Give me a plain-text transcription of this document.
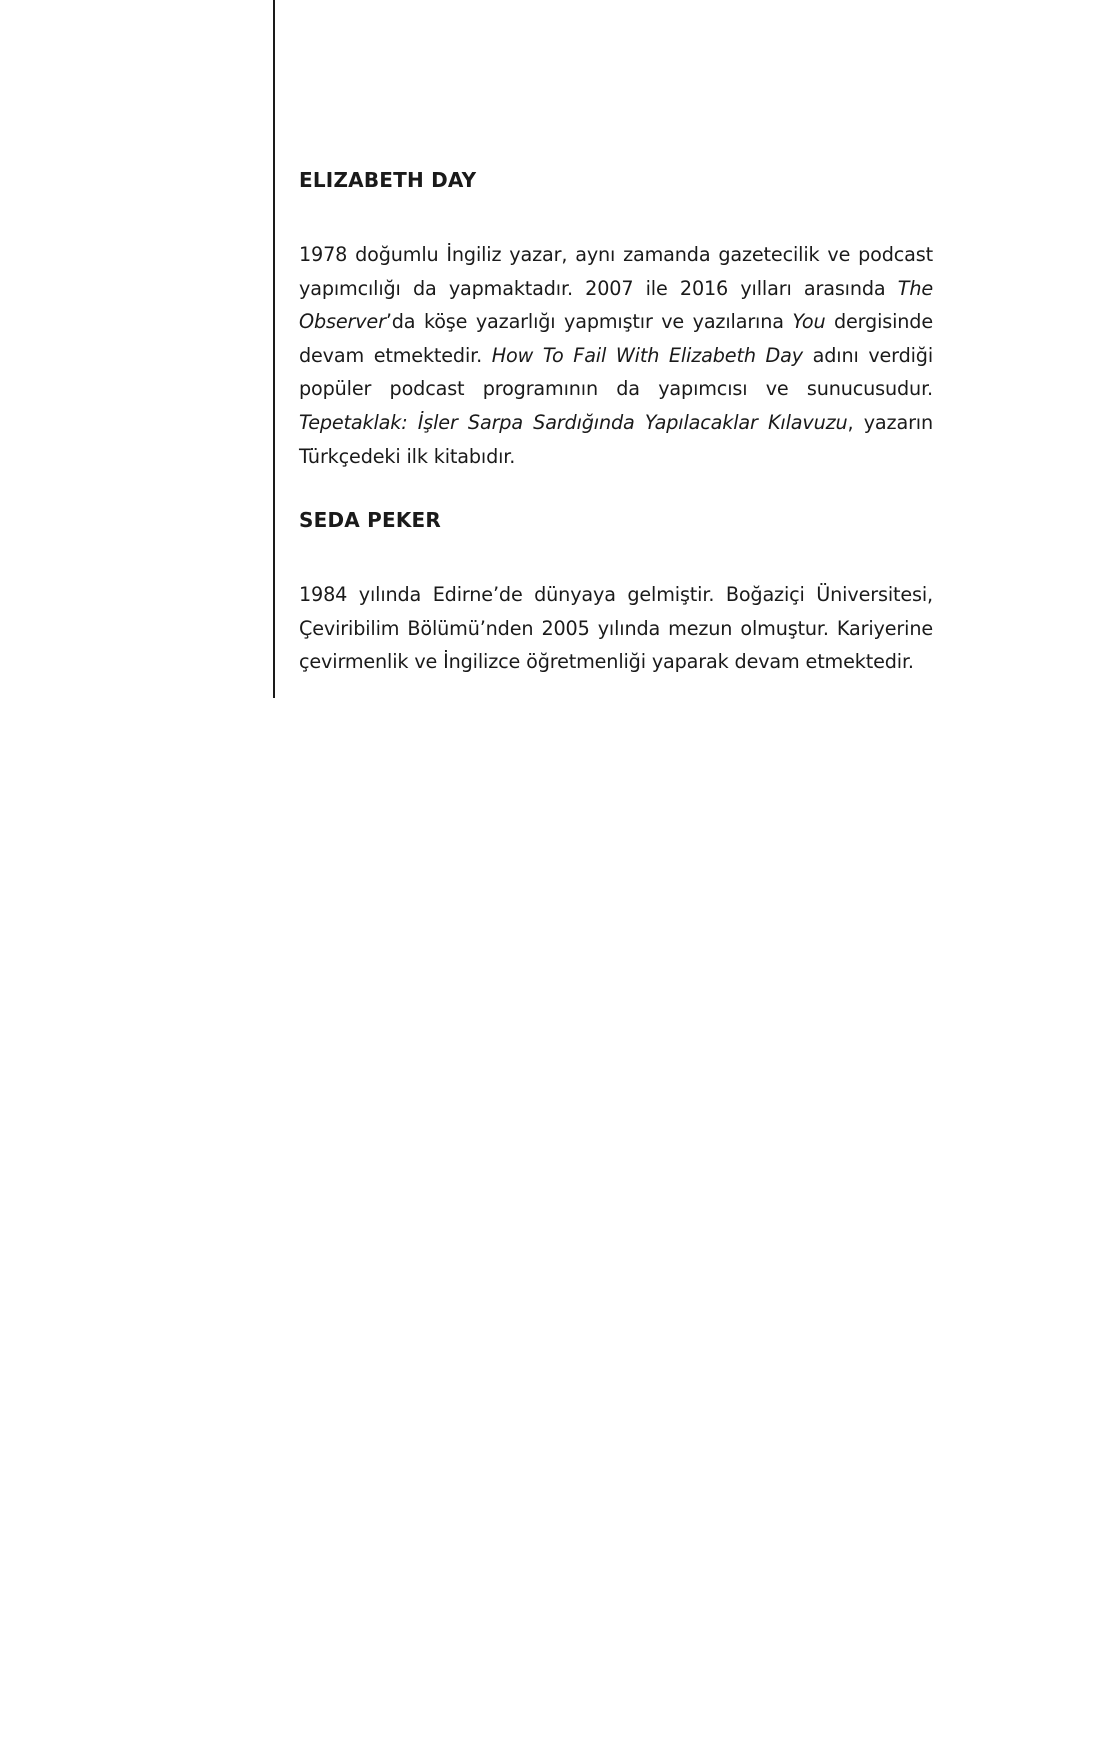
ELIZABETH DAY

1978 doğumlu İngiliz yazar, aynı zamanda gazetecilik ve podcast yapımcılığı da yapmaktadır. 2007 ile 2016 yılları arasında The Observer’da köşe yazarlığı yapmıştır ve yazılarına You dergisinde devam etmektedir. How To Fail With Elizabeth Day adını verdiği popüler podcast programının da yapımcısı ve sunucusudur. Tepetaklak: İşler Sarpa Sardığında Yapılacaklar Kılavuzu, yazarın Türkçedeki ilk kitabıdır.

SEDA PEKER

1984 yılında Edirne’de dünyaya gelmiştir. Boğaziçi Üniversitesi, Çeviribilim Bölümü’nden 2005 yılında mezun olmuştur. Kariyerine çevirmenlik ve İngilizce öğretmenliği yaparak devam etmektedir.
